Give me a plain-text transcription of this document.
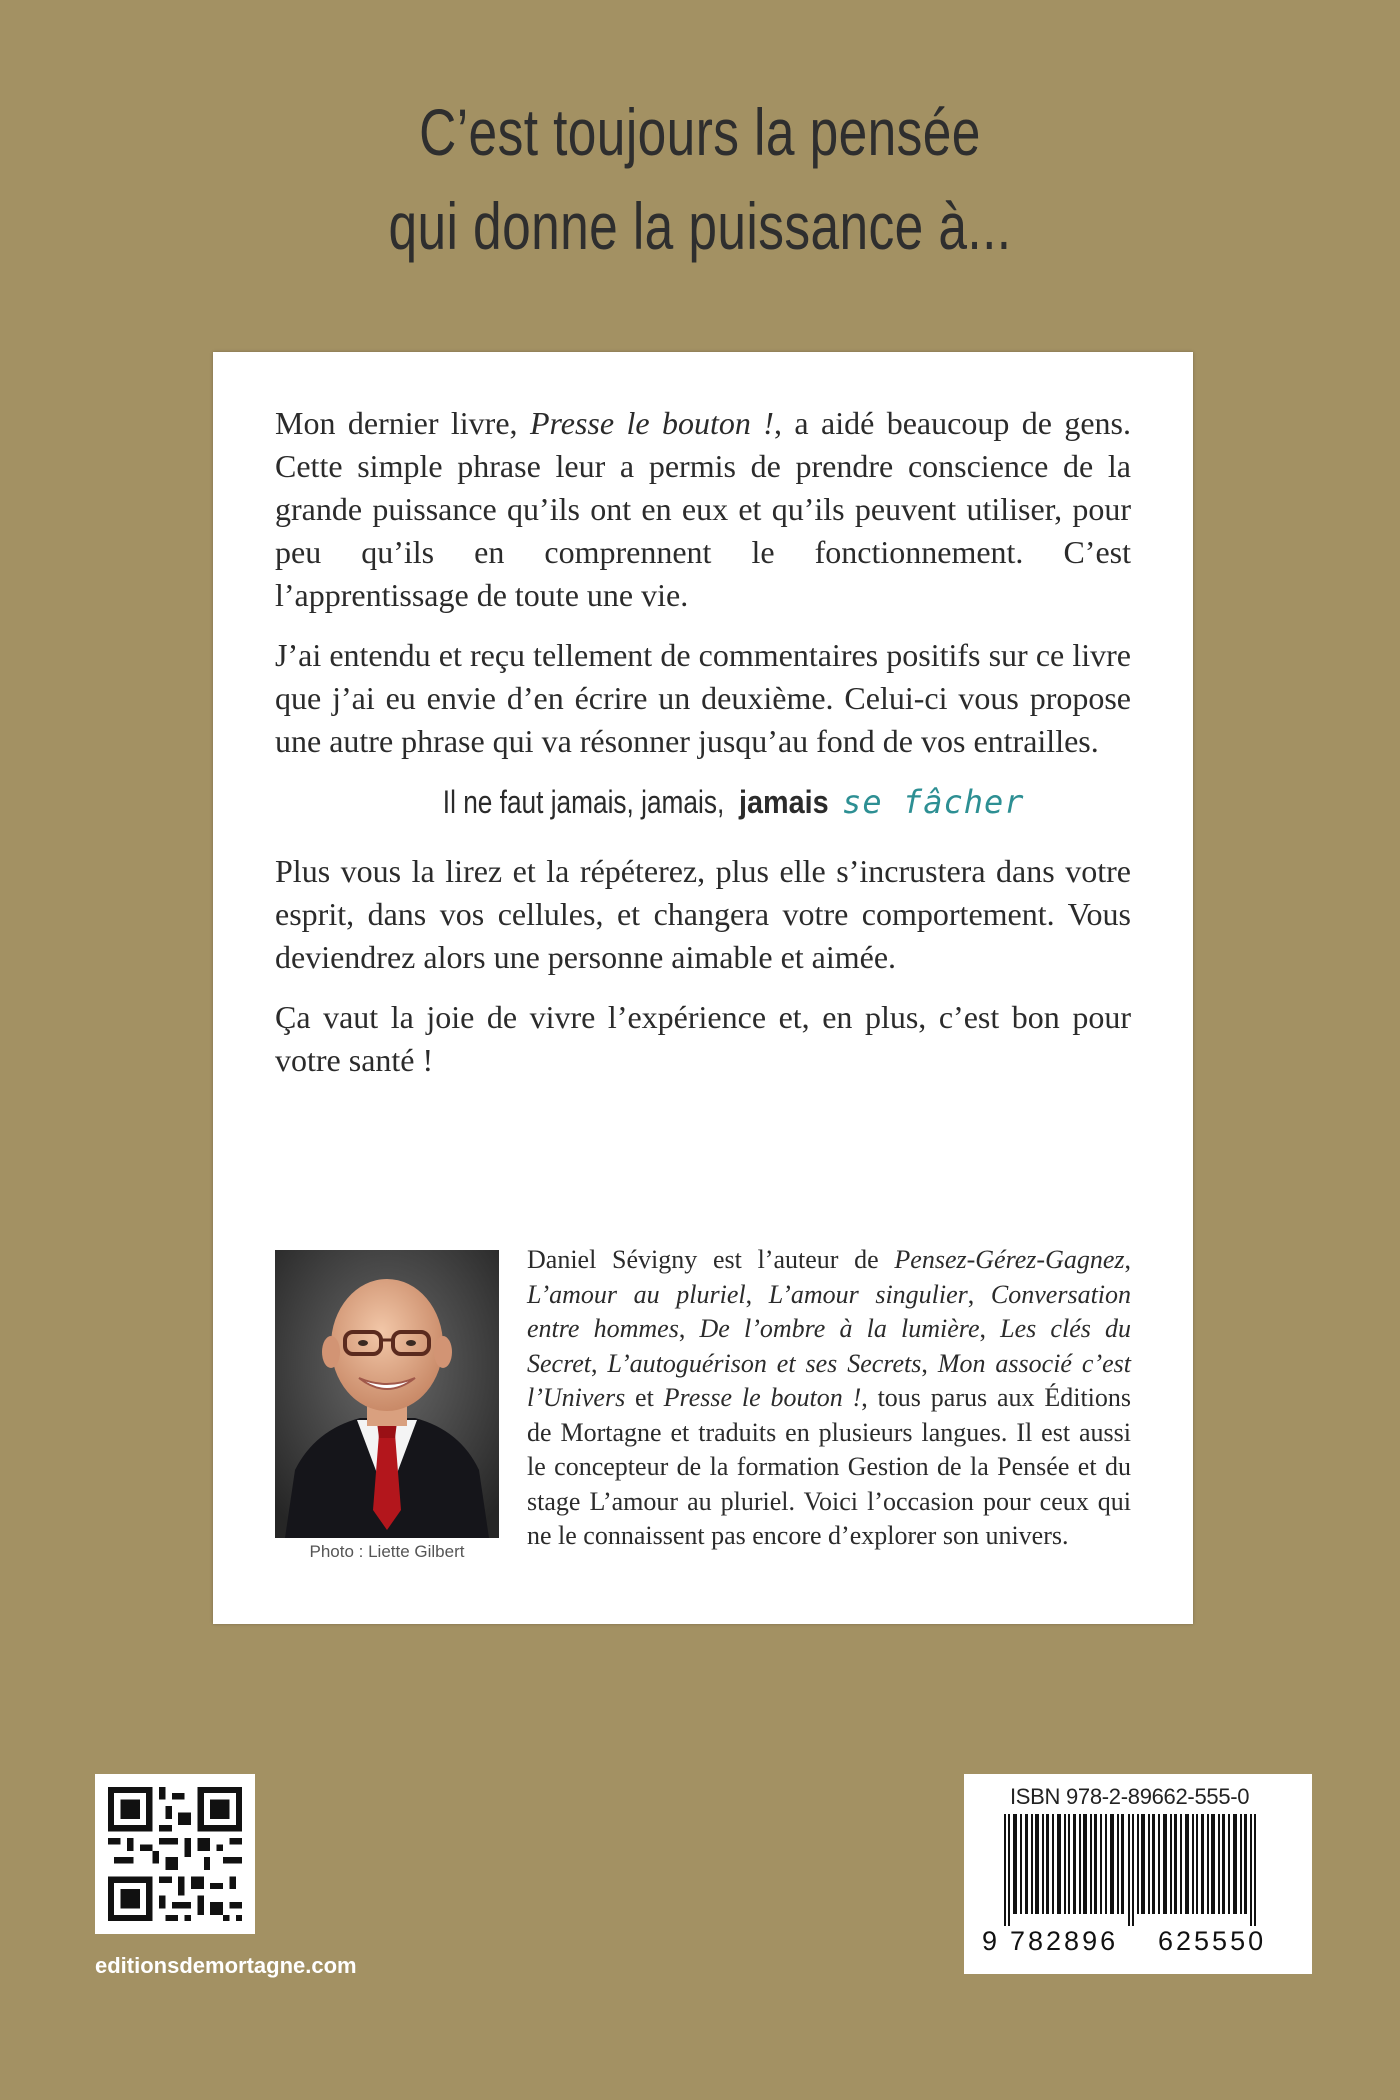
C’est toujours la pensée
qui donne la puissance à...

Mon dernier livre, Presse le bouton !, a aidé beaucoup de gens. Cette simple phrase leur a permis de prendre conscience de la grande puissance qu’ils ont en eux et qu’ils peuvent utiliser, pour peu qu’ils en comprennent le fonctionnement. C’est l’apprentissage de toute une vie.

J’ai entendu et reçu tellement de commentaires positifs sur ce livre que j’ai eu envie d’en écrire un deuxième. Celui-ci vous propose une autre phrase qui va résonner jusqu’au fond de vos entrailles.

Il ne faut jamais, jamais, jamais se fâcher

Plus vous la lirez et la répéterez, plus elle s’incrustera dans votre esprit, dans vos cellules, et changera votre comportement. Vous deviendrez alors une personne aimable et aimée.

Ça vaut la joie de vivre l’expérience et, en plus, c’est bon pour votre santé !

Photo : Liette Gilbert
Daniel Sévigny est l’auteur de Pensez-Gérez-Gagnez, L’amour au pluriel, L’amour singulier, Conversation entre hommes, De l’ombre à la lumière, Les clés du Secret, L’autoguérison et ses Secrets, Mon associé c’est l’Univers et Presse le bouton !, tous parus aux Éditions de Mortagne et traduits en plusieurs langues. Il est aussi le concepteur de la formation Gestion de la Pensée et du stage L’amour au pluriel. Voici l’occasion pour ceux qui ne le connaissent pas encore d’explorer son univers.
editionsdemortagne.com
ISBN 978-2-89662-555-0
9 782896 625550
